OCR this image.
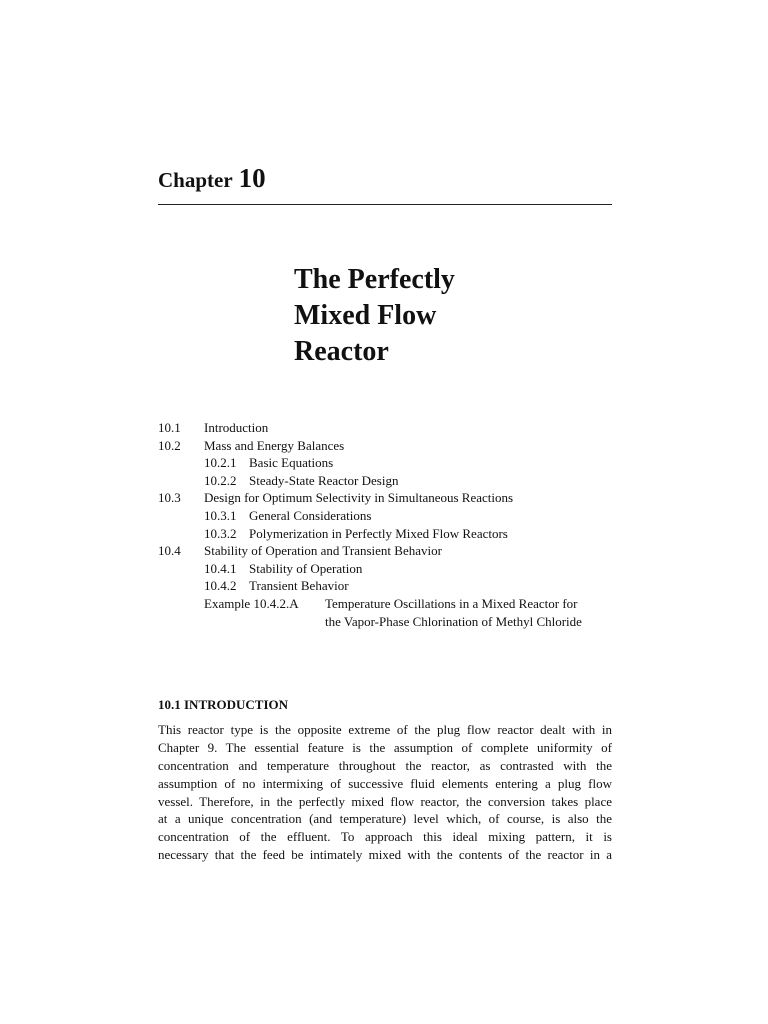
Chapter 10
The Perfectly
Mixed Flow
Reactor
10.1 Introduction
10.2 Mass and Energy Balances
10.2.1 Basic Equations
10.2.2 Steady-State Reactor Design
10.3 Design for Optimum Selectivity in Simultaneous Reactions
10.3.1 General Considerations
10.3.2 Polymerization in Perfectly Mixed Flow Reactors
10.4 Stability of Operation and Transient Behavior
10.4.1 Stability of Operation
10.4.2 Transient Behavior
Example 10.4.2.A Temperature Oscillations in a Mixed Reactor for
the Vapor-Phase Chlorination of Methyl Chloride
10.1 INTRODUCTION
This reactor type is the opposite extreme of the plug flow reactor dealt with in
Chapter 9. The essential feature is the assumption of complete uniformity of
concentration and temperature throughout the reactor, as contrasted with the
assumption of no intermixing of successive fluid elements entering a plug flow
vessel. Therefore, in the perfectly mixed flow reactor, the conversion takes place
at a unique concentration (and temperature) level which, of course, is also the
concentration of the effluent. To approach this ideal mixing pattern, it is
necessary that the feed be intimately mixed with the contents of the reactor in a
